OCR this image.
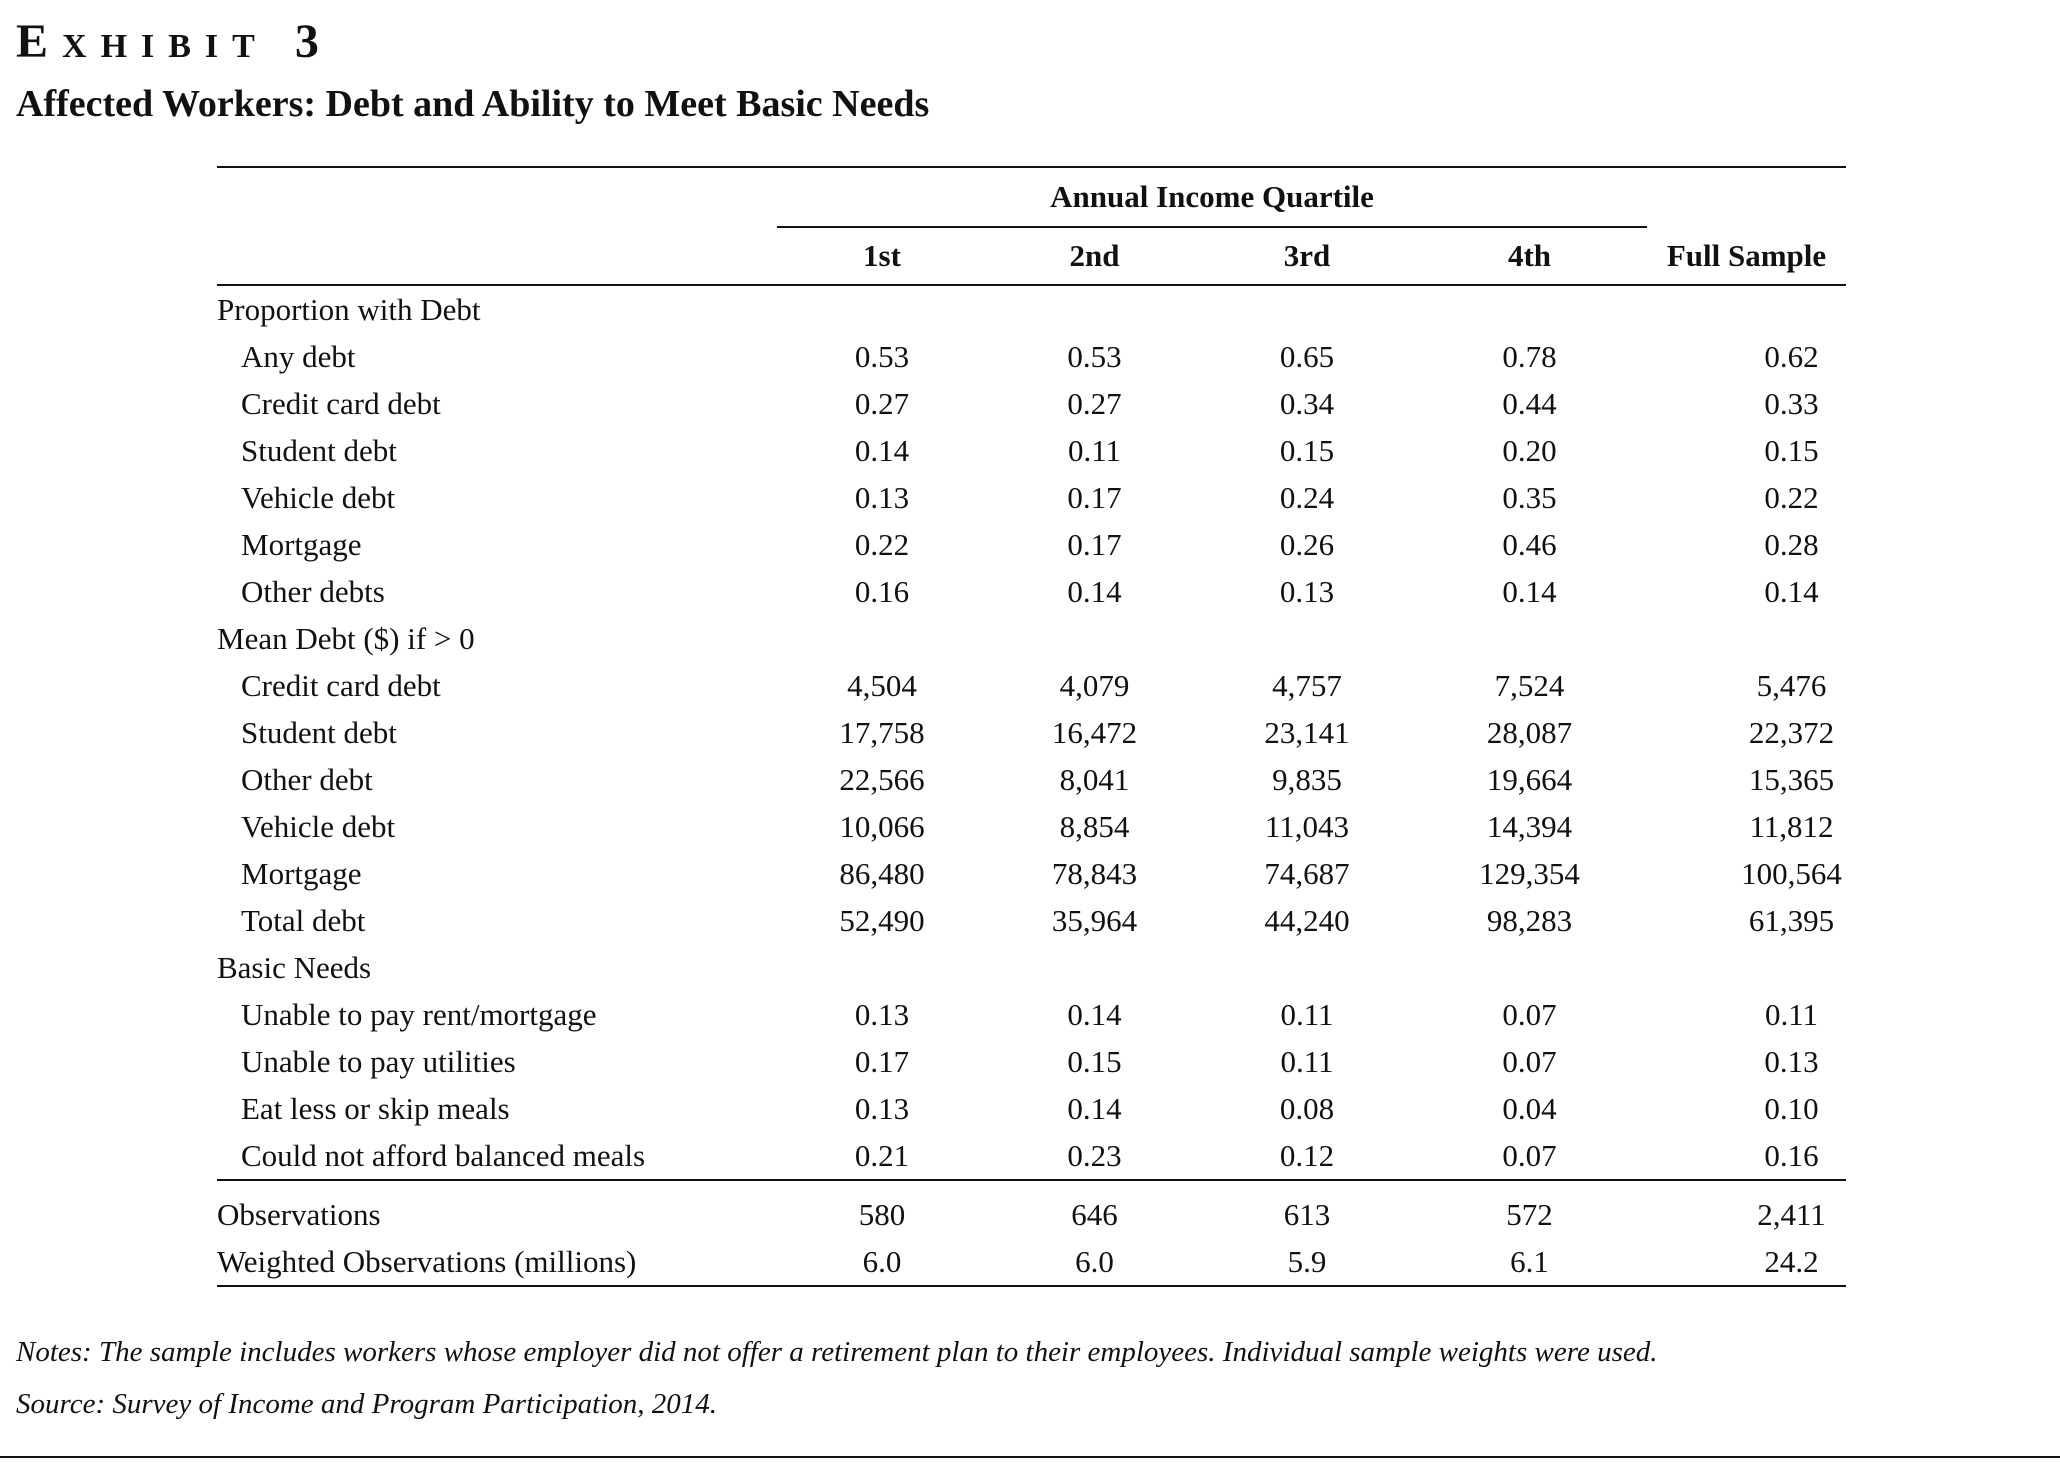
Exhibit 3
Affected Workers: Debt and Ability to Meet Basic Needs
	Annual Income Quartile				
	1st	2nd	3rd	4th	Full Sample
Proportion with Debt					
Any debt	0.53	0.53	0.65	0.78	0.62
Credit card debt	0.27	0.27	0.34	0.44	0.33
Student debt	0.14	0.11	0.15	0.20	0.15
Vehicle debt	0.13	0.17	0.24	0.35	0.22
Mortgage	0.22	0.17	0.26	0.46	0.28
Other debts	0.16	0.14	0.13	0.14	0.14
Mean Debt ($) if > 0					
Credit card debt	4,504	4,079	4,757	7,524	5,476
Student debt	17,758	16,472	23,141	28,087	22,372
Other debt	22,566	8,041	9,835	19,664	15,365
Vehicle debt	10,066	8,854	11,043	14,394	11,812
Mortgage	86,480	78,843	74,687	129,354	100,564
Total debt	52,490	35,964	44,240	98,283	61,395
Basic Needs					
Unable to pay rent/mortgage	0.13	0.14	0.11	0.07	0.11
Unable to pay utilities	0.17	0.15	0.11	0.07	0.13
Eat less or skip meals	0.13	0.14	0.08	0.04	0.10
Could not afford balanced meals	0.21	0.23	0.12	0.07	0.16
Observations	580	646	613	572	2,411
Weighted Observations (millions)	6.0	6.0	5.9	6.1	24.2
Notes: The sample includes workers whose employer did not offer a retirement plan to their employees. Individual sample weights were used.
Source: Survey of Income and Program Participation, 2014.
